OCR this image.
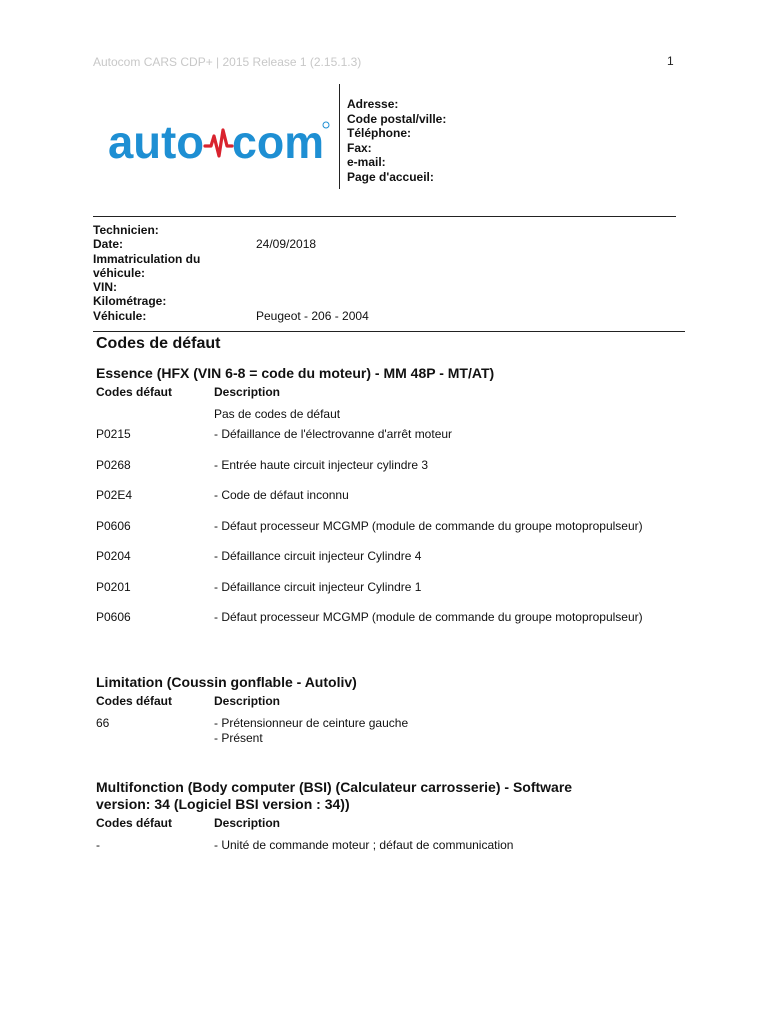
Autocom CARS CDP+ | 2015 Release 1 (2.15.1.3)	1
auto com
Adresse:
Code postal/ville:
Téléphone:
Fax:
e-mail:
Page d'accueil:
Technicien:
Date:	24/09/2018
Immatriculation du
véhicule:
VIN:
Kilométrage:
Véhicule:	Peugeot - 206 - 2004
Codes de défaut
Essence (HFX (VIN 6-8 = code du moteur) - MM 48P - MT/AT)
Codes défaut	Description
Pas de codes de défaut
P0215	- Défaillance de l'électrovanne d'arrêt moteur
P0268	- Entrée haute circuit injecteur cylindre 3
P02E4	- Code de défaut inconnu
P0606	- Défaut processeur MCGMP (module de commande du groupe motopropulseur)
P0204	- Défaillance circuit injecteur Cylindre 4
P0201	- Défaillance circuit injecteur Cylindre 1
P0606	- Défaut processeur MCGMP (module de commande du groupe motopropulseur)
Limitation (Coussin gonflable - Autoliv)
Codes défaut	Description
66	- Prétensionneur de ceinture gauche
- Présent
Multifonction (Body computer (BSI) (Calculateur carrosserie) - Software
version: 34 (Logiciel BSI version : 34))
Codes défaut	Description
-	- Unité de commande moteur ; défaut de communication
